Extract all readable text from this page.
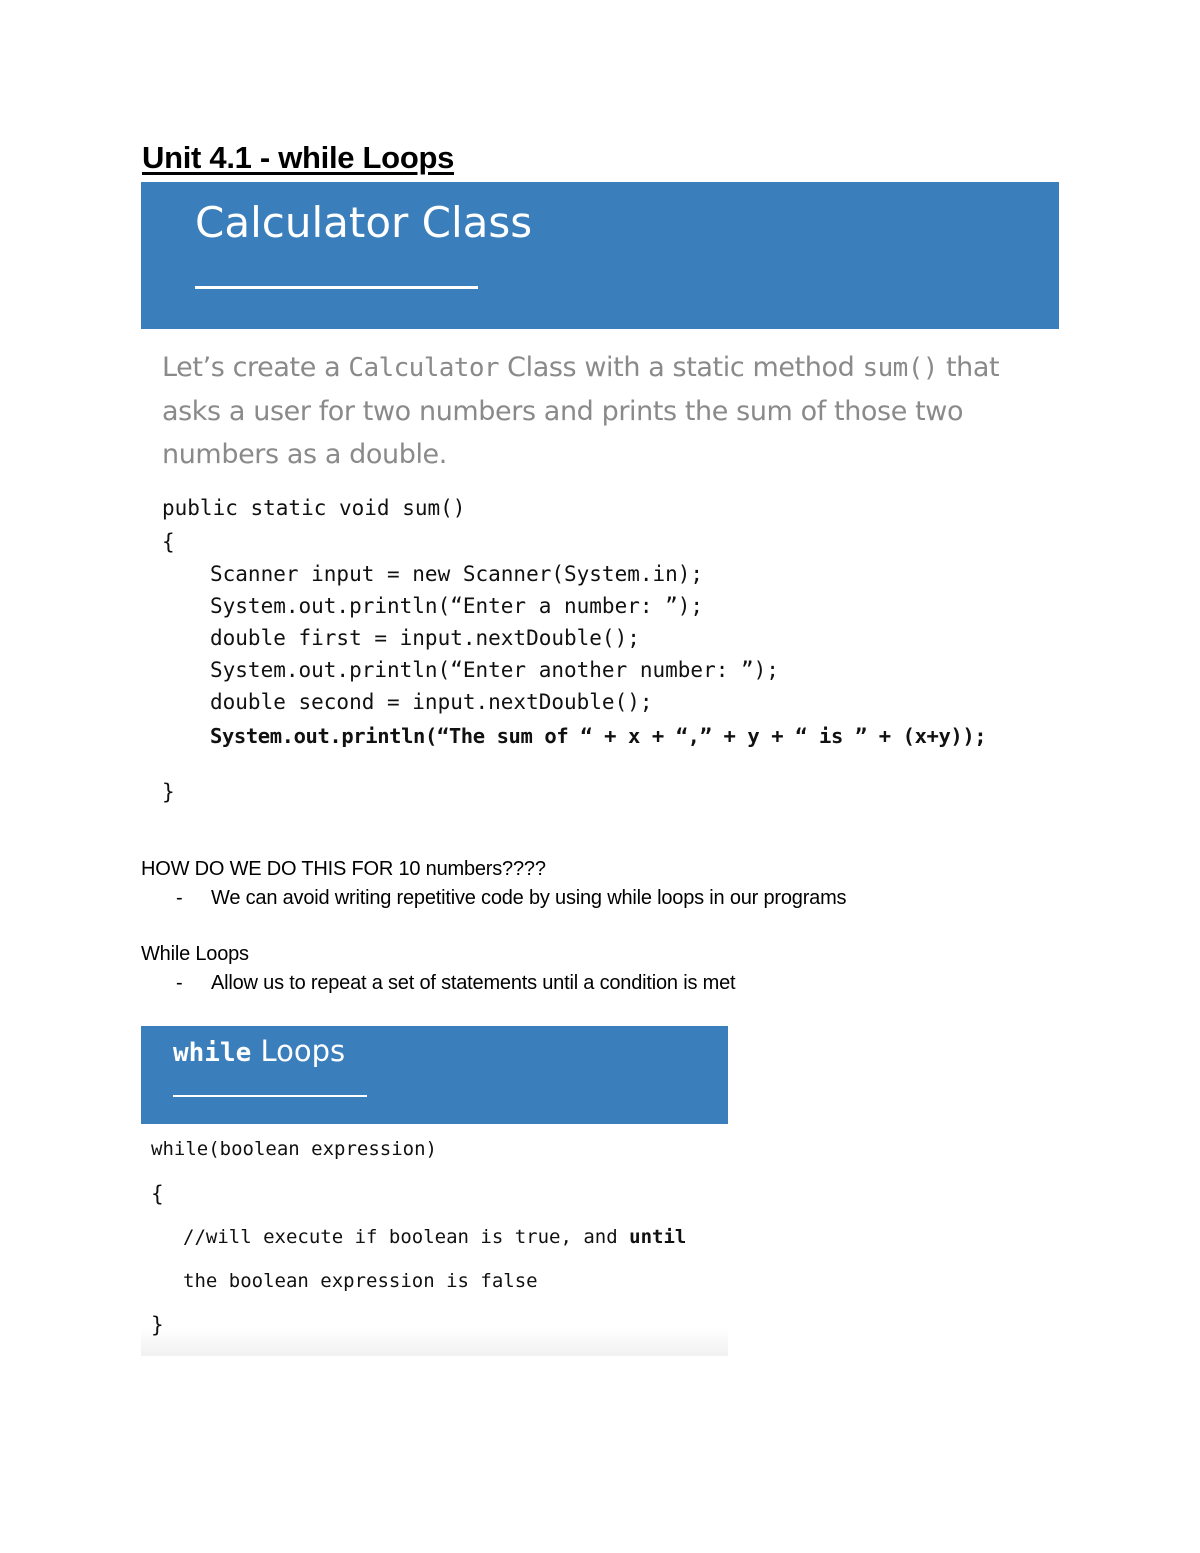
Unit 4.1 - while Loops
Calculator Class

Let’s create a Calculator Class with a static method sum() that asks a user for two numbers and prints the sum of those two numbers as a double.

public static void sum()
{
Scanner input = new Scanner(System.in);
System.out.println(“Enter a number: ”);
double first = input.nextDouble();
System.out.println(“Enter another number: ”);
double second = input.nextDouble();
System.out.println(“The sum of “ + x + “,” + y + “ is ” + (x+y));
}

HOW DO WE DO THIS FOR 10 numbers????

- We can avoid writing repetitive code by using while loops in our programs

While Loops

- Allow us to repeat a set of statements until a condition is met

while Loops
while(boolean expression)
{
//will execute if boolean is true, and until
the boolean expression is false
}
